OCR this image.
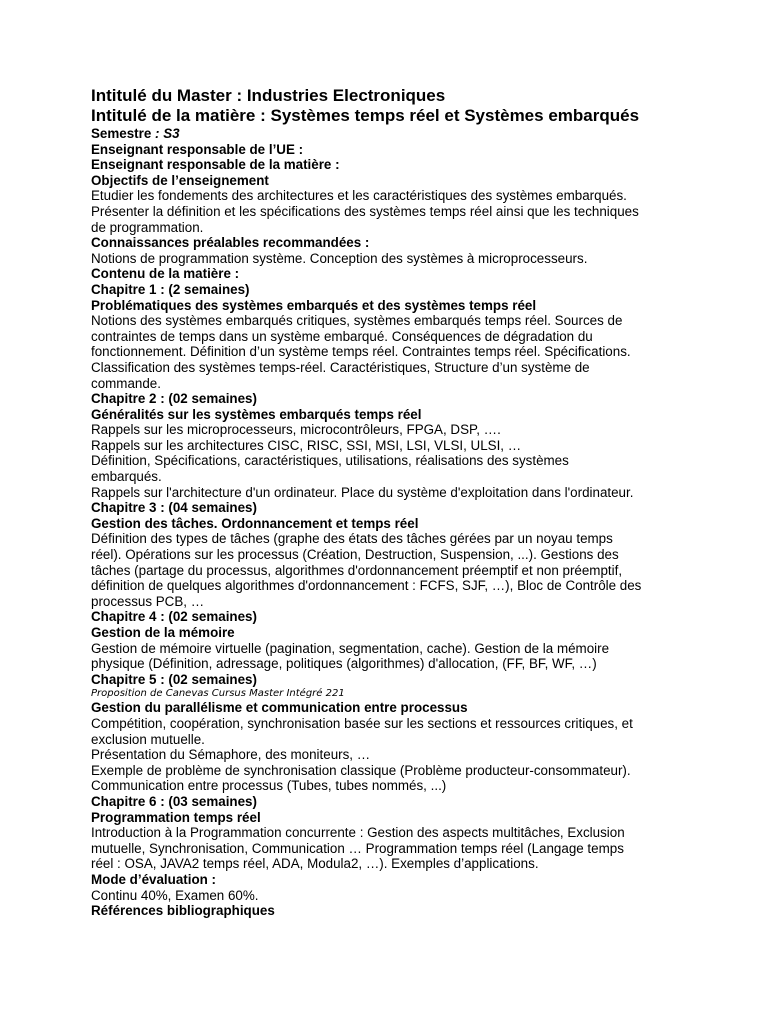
Intitulé du Master : Industries Electroniques
Intitulé de la matière : Systèmes temps réel et Systèmes embarqués
Semestre : S3
Enseignant responsable de l’UE :
Enseignant responsable de la matière :
Objectifs de l’enseignement
Etudier les fondements des architectures et les caractéristiques des systèmes embarqués.
Présenter la définition et les spécifications des systèmes temps réel ainsi que les techniques
de programmation.
Connaissances préalables recommandées :
Notions de programmation système. Conception des systèmes à microprocesseurs.
Contenu de la matière :
Chapitre 1 : (2 semaines)
Problématiques des systèmes embarqués et des systèmes temps réel
Notions des systèmes embarqués critiques, systèmes embarqués temps réel. Sources de
contraintes de temps dans un système embarqué. Conséquences de dégradation du
fonctionnement. Définition d’un système temps réel. Contraintes temps réel. Spécifications.
Classification des systèmes temps-réel. Caractéristiques, Structure d’un système de
commande.
Chapitre 2 : (02 semaines)
Généralités sur les systèmes embarqués temps réel
Rappels sur les microprocesseurs, microcontrôleurs, FPGA, DSP, ….
Rappels sur les architectures CISC, RISC, SSI, MSI, LSI, VLSI, ULSI, …
Définition, Spécifications, caractéristiques, utilisations, réalisations des systèmes
embarqués.
Rappels sur l'architecture d'un ordinateur. Place du système d'exploitation dans l'ordinateur.
Chapitre 3 : (04 semaines)
Gestion des tâches. Ordonnancement et temps réel
Définition des types de tâches (graphe des états des tâches gérées par un noyau temps
réel). Opérations sur les processus (Création, Destruction, Suspension, ...). Gestions des
tâches (partage du processus, algorithmes d'ordonnancement préemptif et non préemptif,
définition de quelques algorithmes d'ordonnancement : FCFS, SJF, …), Bloc de Contrôle des
processus PCB, …
Chapitre 4 : (02 semaines)
Gestion de la mémoire
Gestion de mémoire virtuelle (pagination, segmentation, cache). Gestion de la mémoire
physique (Définition, adressage, politiques (algorithmes) d'allocation, (FF, BF, WF, …)
Chapitre 5 : (02 semaines)
Proposition de Canevas Cursus Master Intégré 221
Gestion du parallélisme et communication entre processus
Compétition, coopération, synchronisation basée sur les sections et ressources critiques, et
exclusion mutuelle.
Présentation du Sémaphore, des moniteurs, …
Exemple de problème de synchronisation classique (Problème producteur-consommateur).
Communication entre processus (Tubes, tubes nommés, ...)
Chapitre 6 : (03 semaines)
Programmation temps réel
Introduction à la Programmation concurrente : Gestion des aspects multitâches, Exclusion
mutuelle, Synchronisation, Communication … Programmation temps réel (Langage temps
réel : OSA, JAVA2 temps réel, ADA, Modula2, …). Exemples d’applications.
Mode d’évaluation :
Continu 40%, Examen 60%.
Références bibliographiques
